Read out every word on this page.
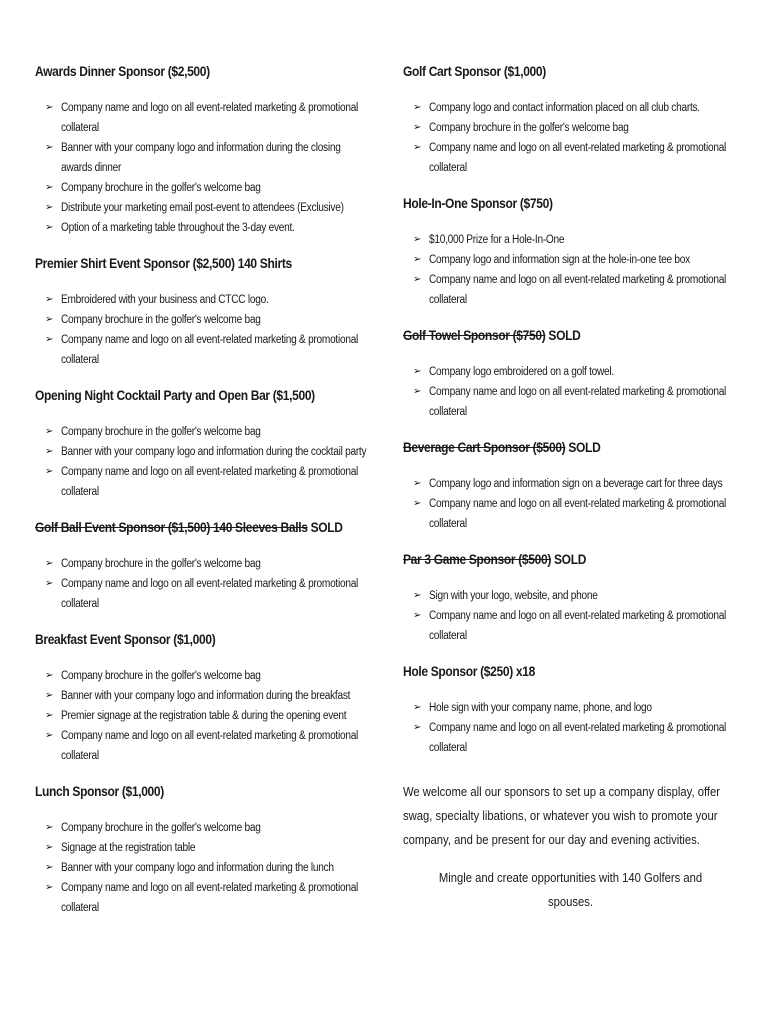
Awards Dinner Sponsor ($2,500)
➢ Company name and logo on all event-related marketing & promotional collateral
➢ Banner with your company logo and information during the closing awards dinner
➢ Company brochure in the golfer's welcome bag
➢ Distribute your marketing email post-event to attendees (Exclusive)
➢ Option of a marketing table throughout the 3-day event.
Premier Shirt Event Sponsor ($2,500) 140 Shirts
➢ Embroidered with your business and CTCC logo.
➢ Company brochure in the golfer's welcome bag
➢ Company name and logo on all event-related marketing & promotional collateral
Opening Night Cocktail Party and Open Bar ($1,500)
➢ Company brochure in the golfer's welcome bag
➢ Banner with your company logo and information during the cocktail party
➢ Company name and logo on all event-related marketing & promotional collateral
Golf Ball Event Sponsor ($1,500) 140 Sleeves Balls SOLD
➢ Company brochure in the golfer's welcome bag
➢ Company name and logo on all event-related marketing & promotional collateral
Breakfast Event Sponsor ($1,000)
➢ Company brochure in the golfer's welcome bag
➢ Banner with your company logo and information during the breakfast
➢ Premier signage at the registration table & during the opening event
➢ Company name and logo on all event-related marketing & promotional collateral
Lunch Sponsor ($1,000)
➢ Company brochure in the golfer's welcome bag
➢ Signage at the registration table
➢ Banner with your company logo and information during the lunch
➢ Company name and logo on all event-related marketing & promotional collateral
Golf Cart Sponsor ($1,000)
➢ Company logo and contact information placed on all club charts.
➢ Company brochure in the golfer's welcome bag
➢ Company name and logo on all event-related marketing & promotional collateral
Hole-In-One Sponsor ($750)
➢ $10,000 Prize for a Hole-In-One
➢ Company logo and information sign at the hole-in-one tee box
➢ Company name and logo on all event-related marketing & promotional collateral
Golf Towel Sponsor ($750) SOLD
➢ Company logo embroidered on a golf towel.
➢ Company name and logo on all event-related marketing & promotional collateral
Beverage Cart Sponsor ($500) SOLD
➢ Company logo and information sign on a beverage cart for three days
➢ Company name and logo on all event-related marketing & promotional collateral
Par 3 Game Sponsor ($500) SOLD
➢ Sign with your logo, website, and phone
➢ Company name and logo on all event-related marketing & promotional collateral
Hole Sponsor ($250) x18
➢ Hole sign with your company name, phone, and logo
➢ Company name and logo on all event-related marketing & promotional collateral

We welcome all our sponsors to set up a company display, offer swag, specialty libations, or whatever you wish to promote your company, and be present for our day and evening activities.

Mingle and create opportunities with 140 Golfers and spouses.
